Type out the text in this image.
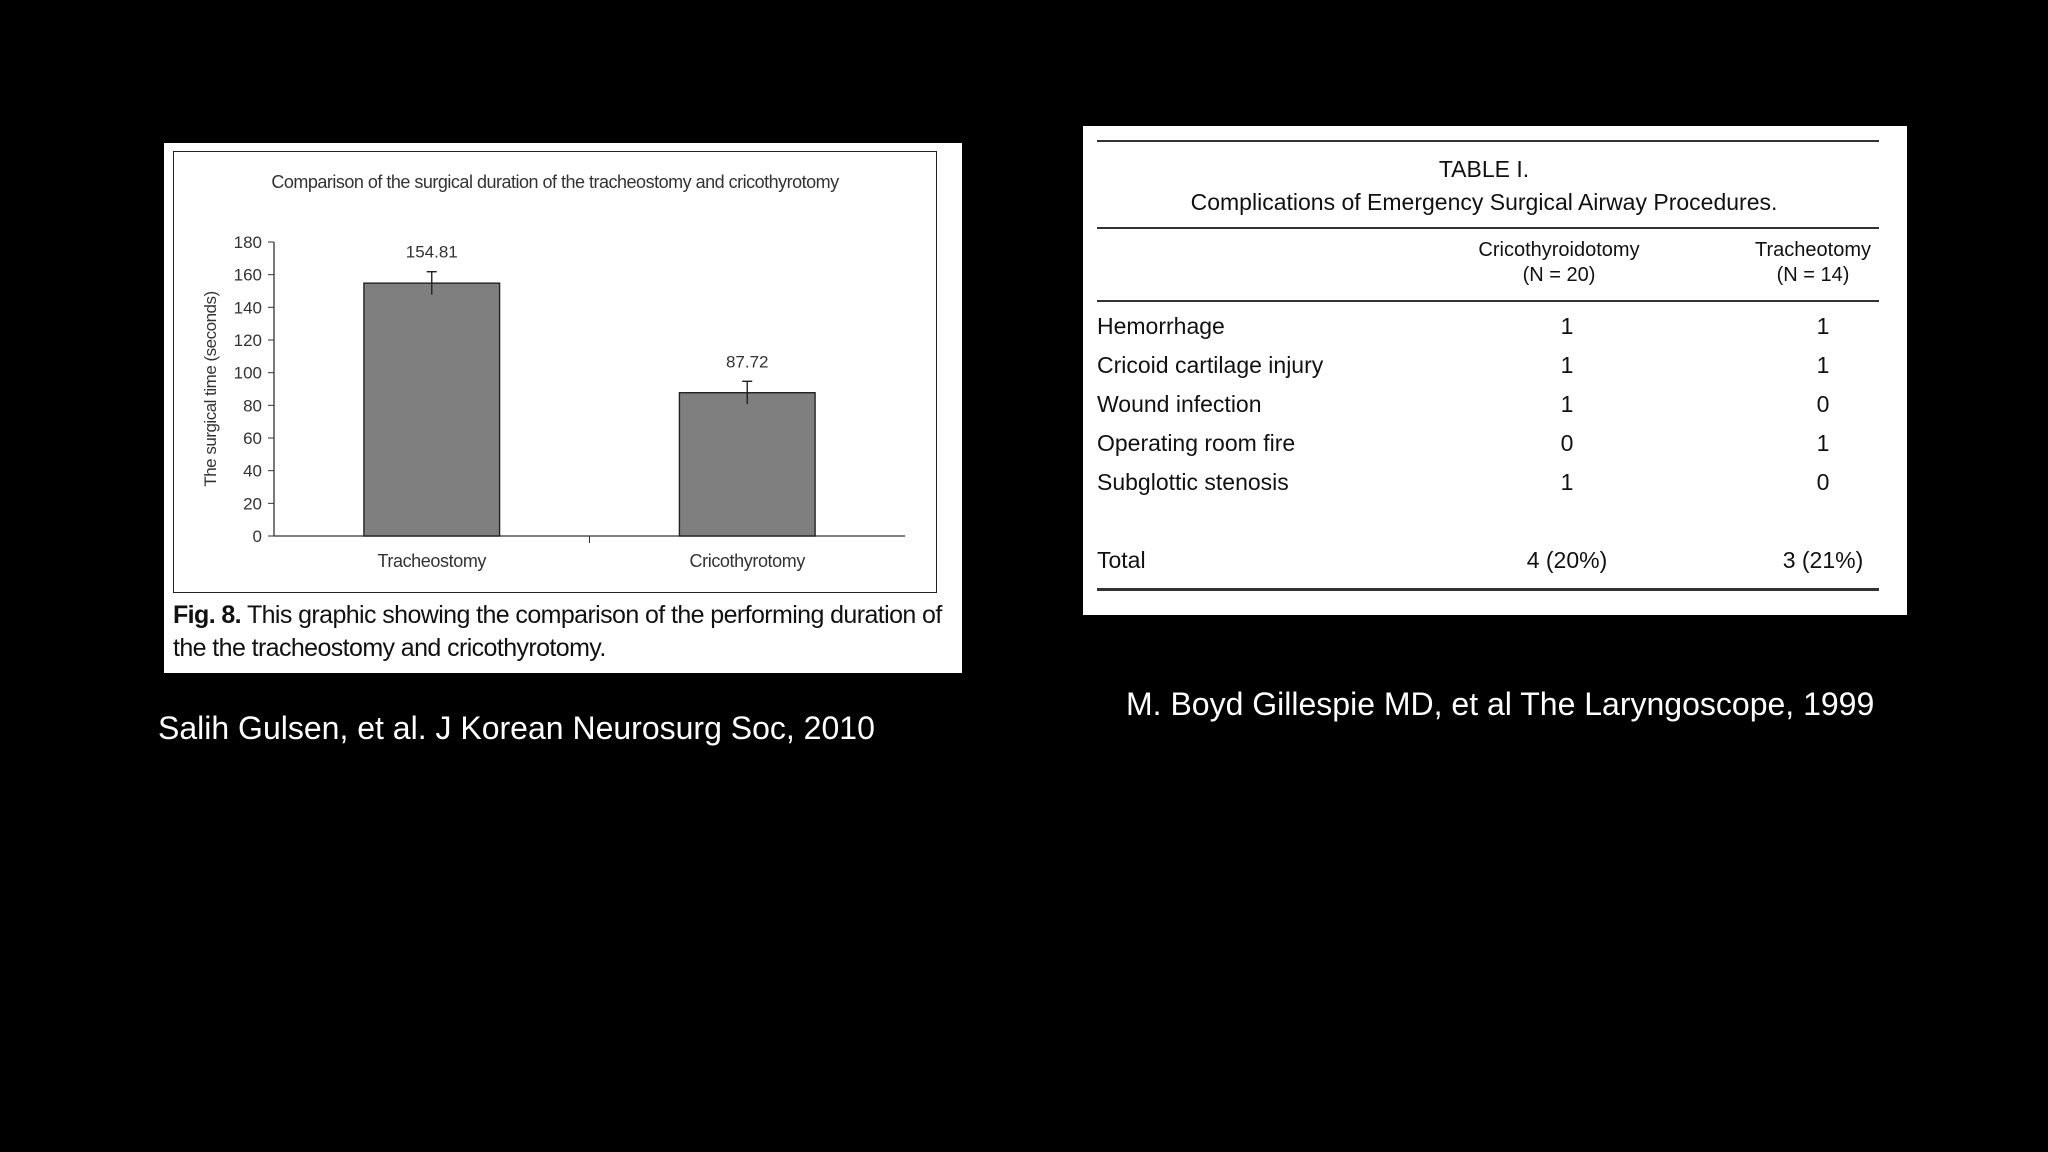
Comparison of the surgical duration of the tracheostomy and cricothyrotomy
The surgical time (seconds)
0
20
40
60
80
100
120
140
160
180
154.81
Tracheostomy
87.72
Cricothyrotomy
Fig. 8. This graphic showing the comparison of the performing duration of the the tracheostomy and cricothyrotomy.
TABLE I.
Complications of Emergency Surgical Airway Procedures.
Cricothyroidotomy
(N = 20)
Tracheotomy
(N = 14)
Hemorrhage	1	1
Cricoid cartilage injury	1	1
Wound infection	1	0
Operating room fire	0	1
Subglottic stenosis	1	0
Total	4 (20%)	3 (21%)
Salih Gulsen, et al. J Korean Neurosurg Soc, 2010
M. Boyd Gillespie MD, et al The Laryngoscope, 1999
